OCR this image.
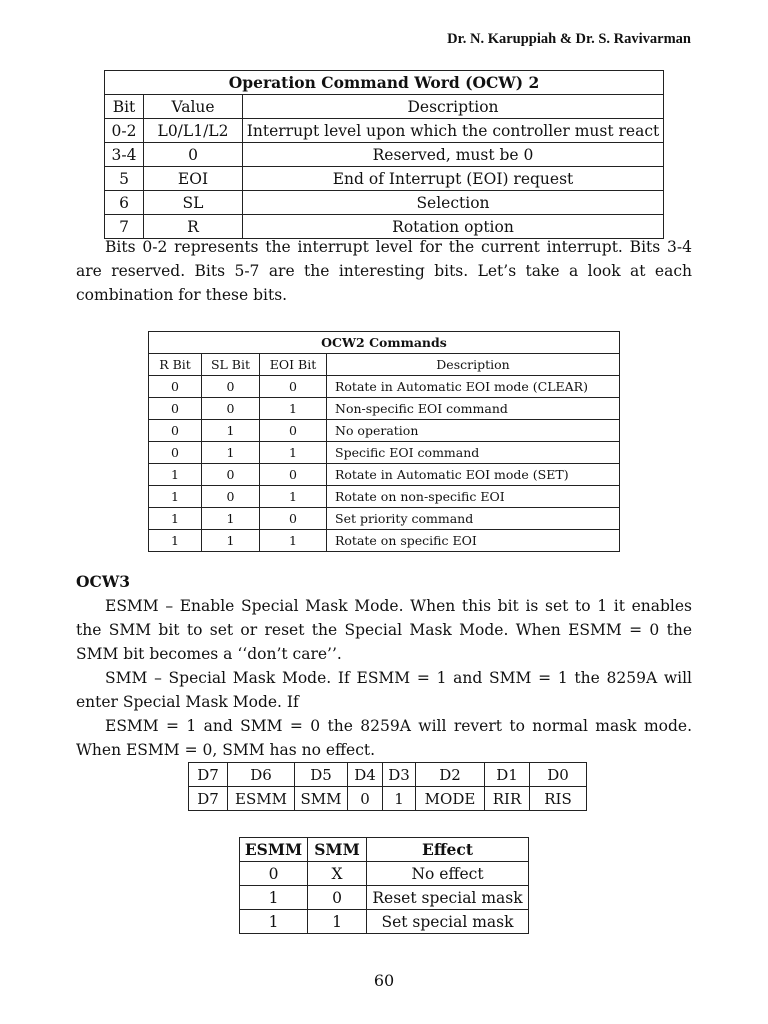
Dr. N. Karuppiah & Dr. S. Ravivarman
Operation Command Word (OCW) 2		
Bit	Value	Description
0-2	L0/L1/L2	Interrupt level upon which the controller must react
3-4	0	Reserved, must be 0
5	EOI	End of Interrupt (EOI) request
6	SL	Selection
7	R	Rotation option

Bits 0-2 represents the interrupt level for the current interrupt. Bits 3-4 are reserved. Bits 5-7 are the interesting bits. Let’s take a look at each combination for these bits.

OCW2 Commands			
R Bit	SL Bit	EOI Bit	Description
0	0	0	Rotate in Automatic EOI mode (CLEAR)
0	0	1	Non-specific EOI command
0	1	0	No operation
0	1	1	Specific EOI command
1	0	0	Rotate in Automatic EOI mode (SET)
1	0	1	Rotate on non-specific EOI
1	1	0	Set priority command
1	1	1	Rotate on specific EOI
OCW3

ESMM – Enable Special Mask Mode. When this bit is set to 1 it enables the SMM bit to set or reset the Special Mask Mode. When ESMM = 0 the SMM bit becomes a ‘‘don’t care’’.

SMM – Special Mask Mode. If ESMM = 1 and SMM = 1 the 8259A will enter Special Mask Mode. If

ESMM = 1 and SMM = 0 the 8259A will revert to normal mask mode. When ESMM = 0, SMM has no effect.

D7	D6	D5	D4	D3	D2	D1	D0
D7	ESMM	SMM	0	1	MODE	RIR	RIS
ESMM	SMM	Effect
0	X	No effect
1	0	Reset special mask
1	1	Set special mask
60
